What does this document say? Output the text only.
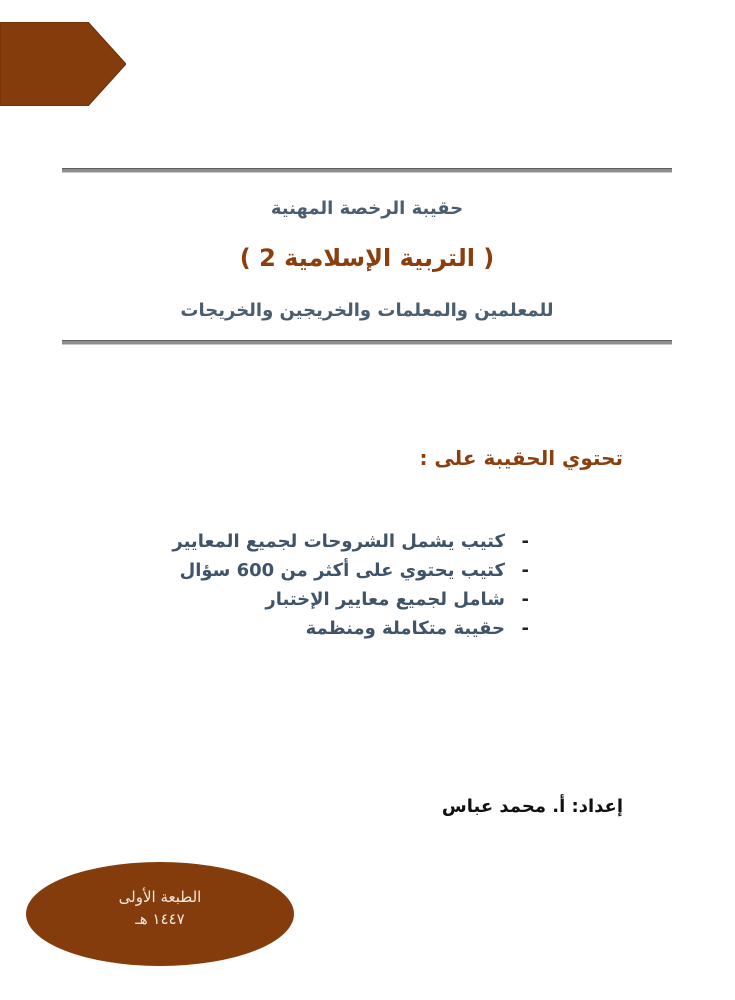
حقيبة الرخصة المهنية
( التربية الإسلامية 2 )
للمعلمين والمعلمات والخريجين والخريجات
تحتوي الحقيبة على :
-
كتيب يشمل الشروحات لجميع المعايير
-
كتيب يحتوي على أكثر من 600 سؤال
-
شامل لجميع معايير الإختبار
-
حقيبة متكاملة ومنظمة
إعداد: أ. محمد عباس
الطبعة الأولى
١٤٤٧ هـ
